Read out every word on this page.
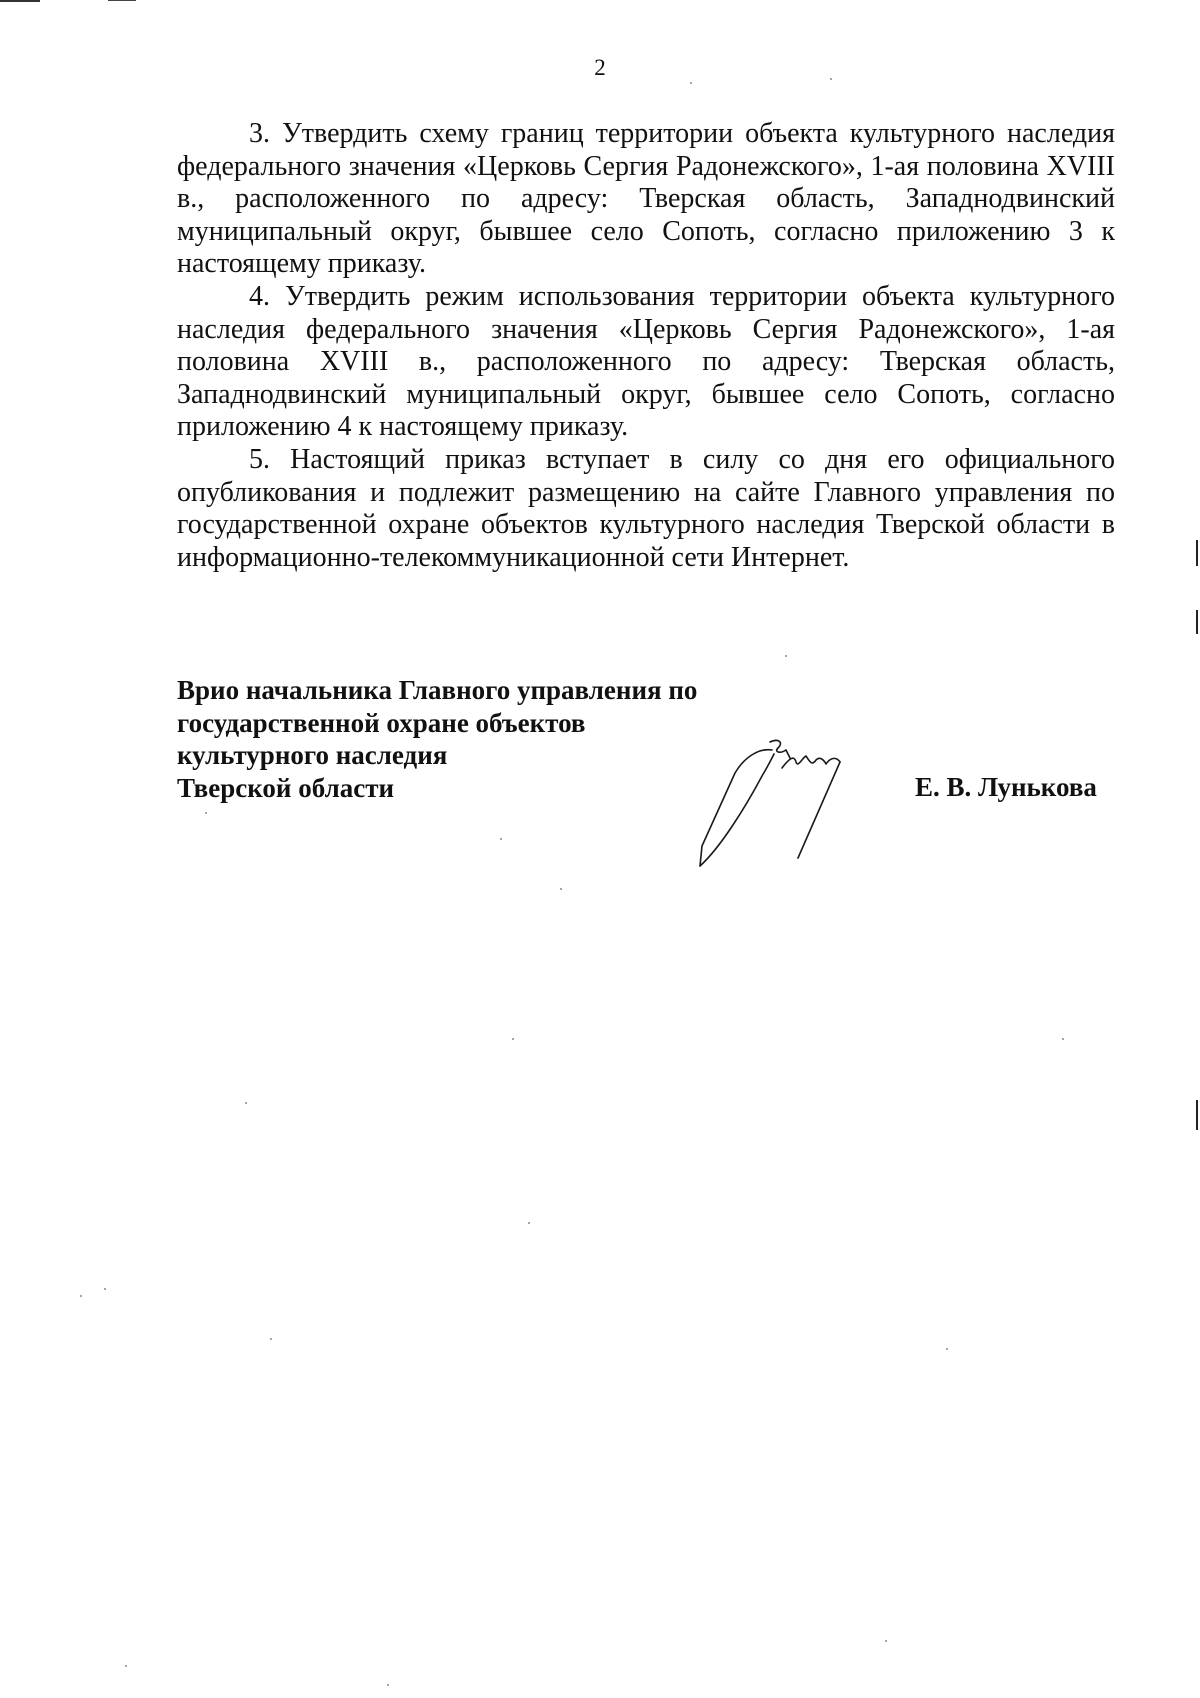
2

3. Утвердить схему границ территории объекта культурного наследия федерального значения «Церковь Сергия Радонежского», 1-ая половина XVIII в., расположенного по адресу: Тверская область, Западнодвинский муниципальный округ, бывшее село Сопоть, согласно приложению 3 к настоящему приказу.

4. Утвердить режим использования территории объекта культурного наследия федерального значения «Церковь Сергия Радонежского», 1-ая половина XVIII в., расположенного по адресу: Тверская область, Западнодвинский муниципальный округ, бывшее село Сопоть, согласно приложению 4 к настоящему приказу.

5. Настоящий приказ вступает в силу со дня его официального опубликования и подлежит размещению на сайте Главного управления по государственной охране объектов культурного наследия Тверской области в информационно-телекоммуникационной сети Интернет.

Врио начальника Главного управления по
государственной охране объектов
культурного наследия
Тверской области	Е. В. Лунькова
